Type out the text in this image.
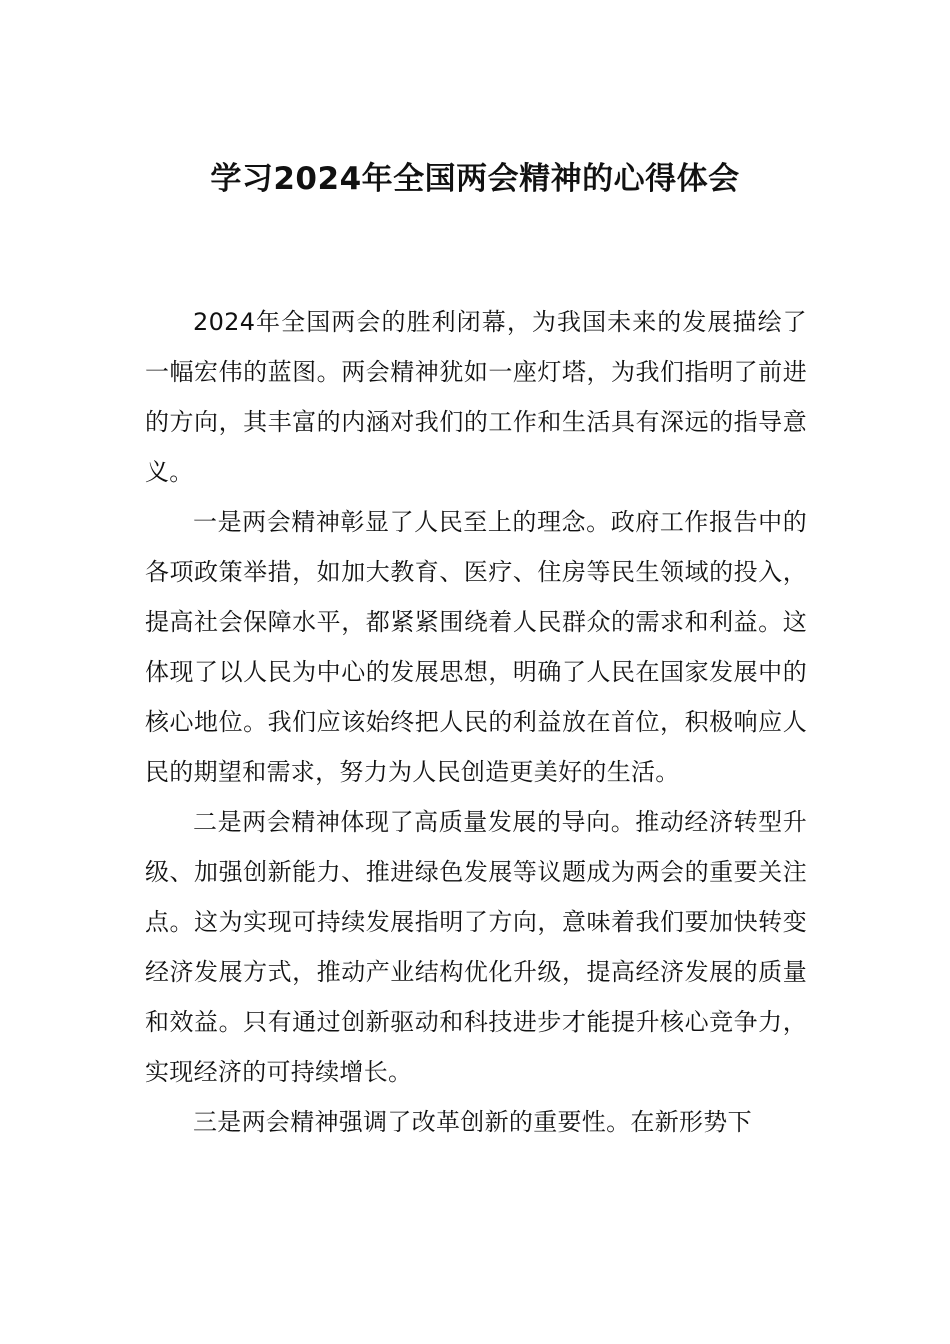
学习2024年全国两会精神的心得体会

2024年全国两会的胜利闭幕，为我国未来的发展描绘了一幅宏伟的蓝图。两会精神犹如一座灯塔，为我们指明了前进的方向，其丰富的内涵对我们的工作和生活具有深远的指导意义。

一是两会精神彰显了人民至上的理念。政府工作报告中的各项政策举措，如加大教育、医疗、住房等民生领域的投入，提高社会保障水平，都紧紧围绕着人民群众的需求和利益。这体现了以人民为中心的发展思想，明确了人民在国家发展中的核心地位。我们应该始终把人民的利益放在首位，积极响应人民的期望和需求，努力为人民创造更美好的生活。

二是两会精神体现了高质量发展的导向。推动经济转型升级、加强创新能力、推进绿色发展等议题成为两会的重要关注点。这为实现可持续发展指明了方向，意味着我们要加快转变经济发展方式，推动产业结构优化升级，提高经济发展的质量和效益。只有通过创新驱动和科技进步才能提升核心竞争力，实现经济的可持续增长。

三是两会精神强调了改革创新的重要性。在新形势下
